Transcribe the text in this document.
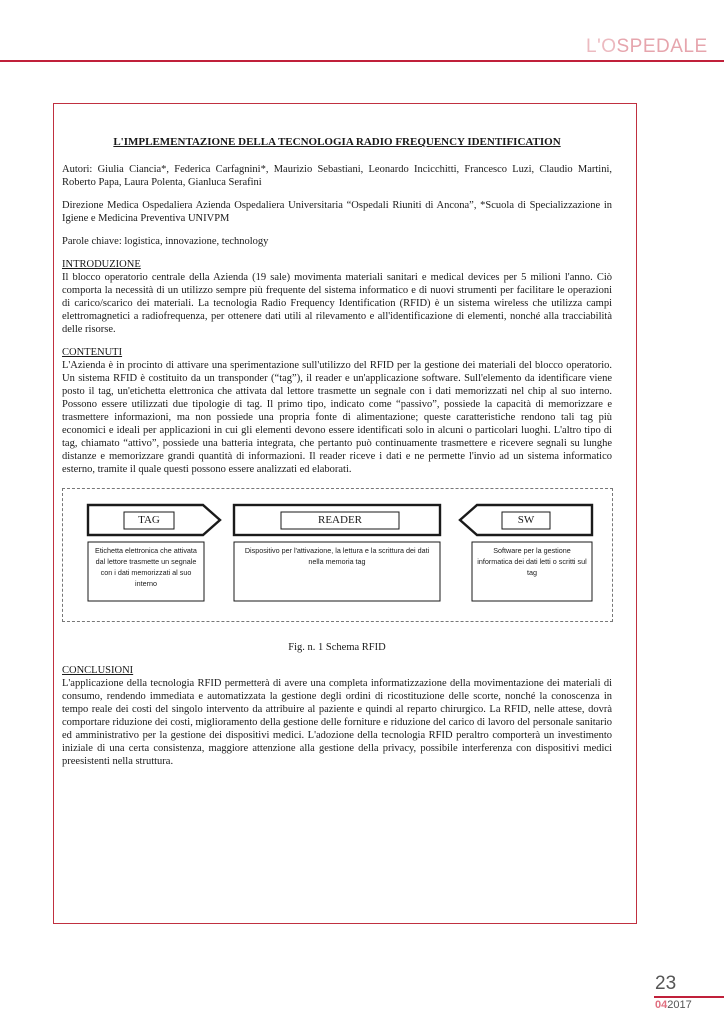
L'OSPEDALE
L'IMPLEMENTAZIONE DELLA TECNOLOGIA RADIO FREQUENCY IDENTIFICATION

Autori: Giulia Ciancia*, Federica Carfagnini*, Maurizio Sebastiani, Leonardo Incicchitti, Francesco Luzi, Claudio Martini, Roberto Papa, Laura Polenta, Gianluca Serafini

Direzione Medica Ospedaliera Azienda Ospedaliera Universitaria “Ospedali Riuniti di Ancona”, *Scuola di Specializzazione in Igiene e Medicina Preventiva UNIVPM

Parole chiave: logistica, innovazione, technology

INTRODUZIONE

Il blocco operatorio centrale della Azienda (19 sale) movimenta materiali sanitari e medical devices per 5 milioni l'anno. Ciò comporta la necessità di un utilizzo sempre più frequente del sistema informatico e di nuovi strumenti per facilitare le operazioni di carico/scarico dei materiali. La tecnologia Radio Frequency Identification (RFID) è un sistema wireless che utilizza campi elettromagnetici a radiofrequenza, per ottenere dati utili al rilevamento e all'identificazione di elementi, nonché alla tracciabilità delle risorse.

CONTENUTI

L'Azienda è in procinto di attivare una sperimentazione sull'utilizzo del RFID per la gestione dei materiali del blocco operatorio. Un sistema RFID è costituito da un transponder (“tag”), il reader e un'applicazione software. Sull'elemento da identificare viene posto il tag, un'etichetta elettronica che attivata dal lettore trasmette un segnale con i dati memorizzati nel chip al suo interno. Possono essere utilizzati due tipologie di tag. Il primo tipo, indicato come “passivo”, possiede la capacità di memorizzare e trasmettere informazioni, ma non possiede una propria fonte di alimentazione; queste caratteristiche rendono tali tag più economici e ideali per applicazioni in cui gli elementi devono essere identificati solo in alcuni o particolari luoghi. L'altro tipo di tag, chiamato “attivo”, possiede una batteria integrata, che pertanto può continuamente trasmettere e ricevere segnali su lunghe distanze e memorizzare grandi quantità di informazioni. Il reader riceve i dati e ne permette l'invio ad un sistema informatico esterno, tramite il quale questi possono essere analizzati ed elaborati.

TAG	READER	SW
Etichetta elettronica che attivata dal lettore trasmette un segnale con i dati memorizzati al suo interno
Dispositivo per l'attivazione, la lettura e la scrittura dei dati nella memoria tag
Software per la gestione informatica dei dati letti o scritti sul tag
Fig. n. 1 Schema RFID
CONCLUSIONI

L'applicazione della tecnologia RFID permetterà di avere una completa informatizzazione della movimentazione dei materiali di consumo, rendendo immediata e automatizzata la gestione degli ordini di ricostituzione delle scorte, nonché la conoscenza in tempo reale dei costi del singolo intervento da attribuire al paziente e quindi al reparto chirurgico. La RFID, nelle attese, dovrà comportare riduzione dei costi, miglioramento della gestione delle forniture e riduzione del carico di lavoro del personale sanitario ed amministrativo per la gestione dei dispositivi medici. L'adozione della tecnologia RFID peraltro comporterà un investimento iniziale di una certa consistenza, maggiore attenzione alla gestione della privacy, possibile interferenza con dispositivi medici preesistenti nella struttura.

23
042017
